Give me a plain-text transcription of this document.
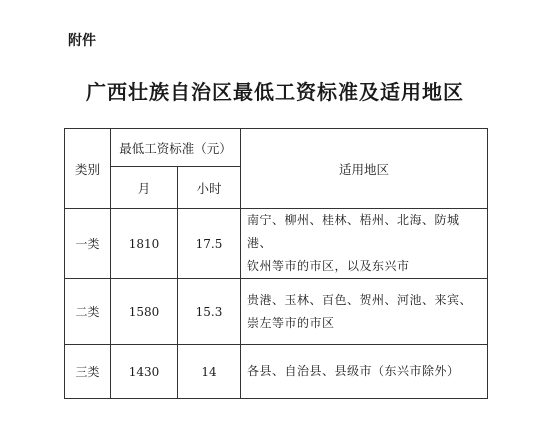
附件
广西壮族自治区最低工资标准及适用地区
类别	最低工资标准（元）		适用地区
	月	小时	
一类	1810	17.5	南宁、柳州、桂林、梧州、北海、防城港、
钦州等市的市区，以及东兴市
二类	1580	15.3	贵港、玉林、百色、贺州、河池、来宾、
崇左等市的市区
三类	1430	14	各县、自治县、县级市（东兴市除外）
